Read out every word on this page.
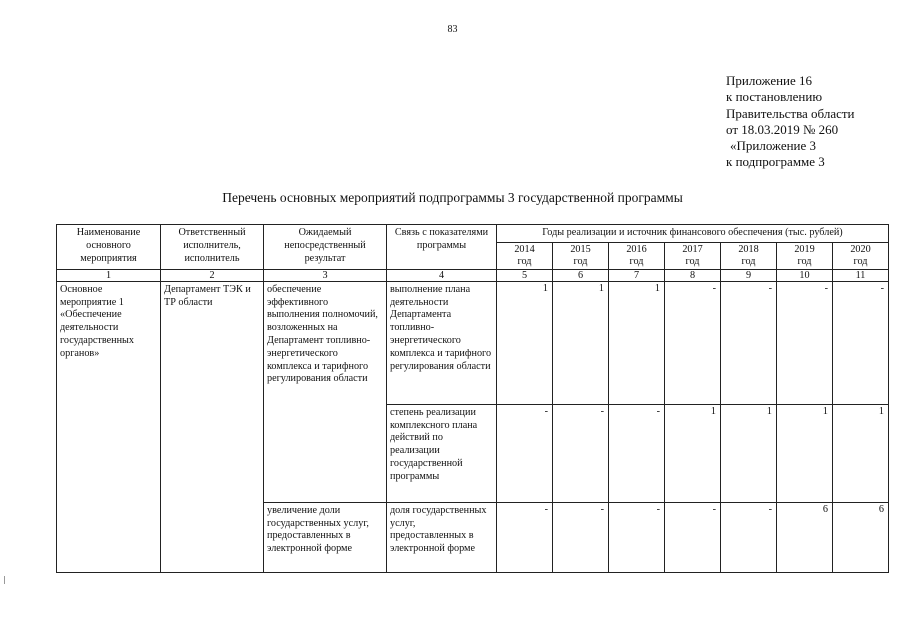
83
Приложение 16
к постановлению
Правительства области
от 18.03.2019 № 260
«Приложение 3
к подпрограмме 3
Перечень основных мероприятий подпрограммы 3 государственной программы
Наименование основного мероприятия	Ответственный исполнитель, исполнитель	Ожидаемый непосредственный результат	Связь с показателями программы	Годы реализации и источник финансового обеспечения (тыс. рублей)						

				2014
год	2015
год	2016
год	2017
год	2018
год	2019
год	2020
год

1	2	3	4	5	6	7	8	9	10	11
Основное мероприятие 1 «Обеспечение деятельности государственных органов»	Департамент ТЭК и ТР области	обеспечение эффективного выполнения полномочий, возложенных на Департамент топливно-энергетического комплекса и тарифного регулирования области	выполнение плана деятельности Департамента топливно-энергетического комплекса и тарифного регулирования области	1	1	1	-	-	-	-
			степень реализации комплексного плана действий по реализации государственной программы	-	-	-	1	1	1	1
		увеличение доли государственных услуг, предоставленных в электронной форме	доля государственных услуг, предоставленных в электронной форме	-	-	-	-	-	6	6
